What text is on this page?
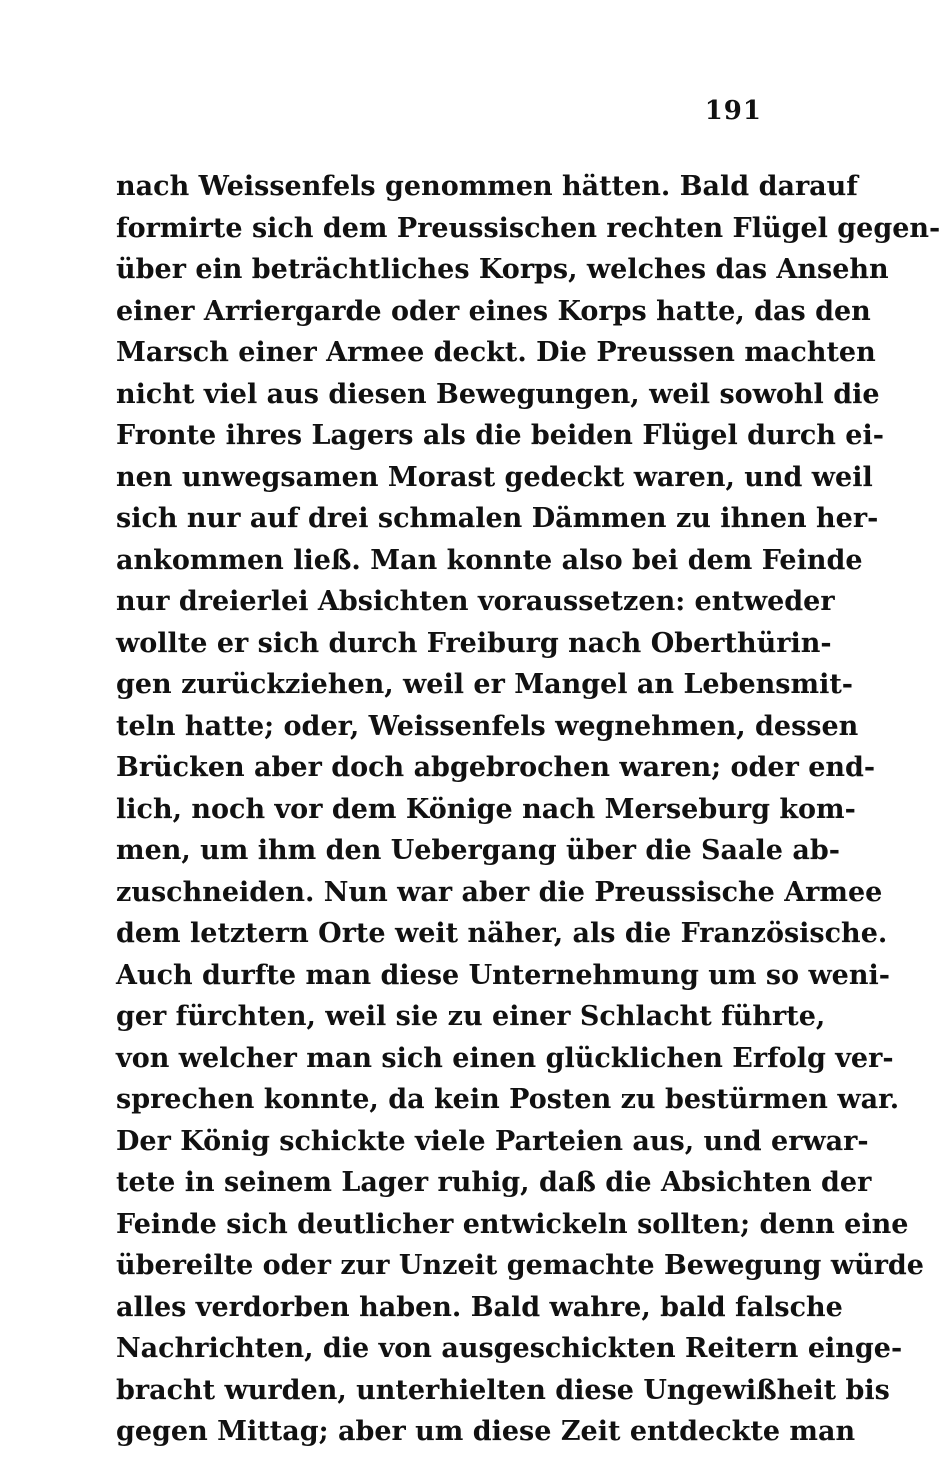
191
nach Weissenfels genommen hätten. Bald darauf
formirte sich dem Preussischen rechten Flügel gegen-
über ein beträchtliches Korps, welches das Ansehn
einer Arriergarde oder eines Korps hatte, das den
Marsch einer Armee deckt. Die Preussen machten
nicht viel aus diesen Bewegungen, weil sowohl die
Fronte ihres Lagers als die beiden Flügel durch ei-
nen unwegsamen Morast gedeckt waren, und weil
sich nur auf drei schmalen Dämmen zu ihnen her-
ankommen ließ. Man konnte also bei dem Feinde
nur dreierlei Absichten voraussetzen: entweder
wollte er sich durch Freiburg nach Oberthürin-
gen zurückziehen, weil er Mangel an Lebensmit-
teln hatte; oder, Weissenfels wegnehmen, dessen
Brücken aber doch abgebrochen waren; oder end-
lich, noch vor dem Könige nach Merseburg kom-
men, um ihm den Uebergang über die Saale ab-
zuschneiden. Nun war aber die Preussische Armee
dem letztern Orte weit näher, als die Französische.
Auch durfte man diese Unternehmung um so weni-
ger fürchten, weil sie zu einer Schlacht führte,
von welcher man sich einen glücklichen Erfolg ver-
sprechen konnte, da kein Posten zu bestürmen war.
Der König schickte viele Parteien aus, und erwar-
tete in seinem Lager ruhig, daß die Absichten der
Feinde sich deutlicher entwickeln sollten; denn eine
übereilte oder zur Unzeit gemachte Bewegung würde
alles verdorben haben. Bald wahre, bald falsche
Nachrichten, die von ausgeschickten Reitern einge-
bracht wurden, unterhielten diese Ungewißheit bis
gegen Mittag; aber um diese Zeit entdeckte man
